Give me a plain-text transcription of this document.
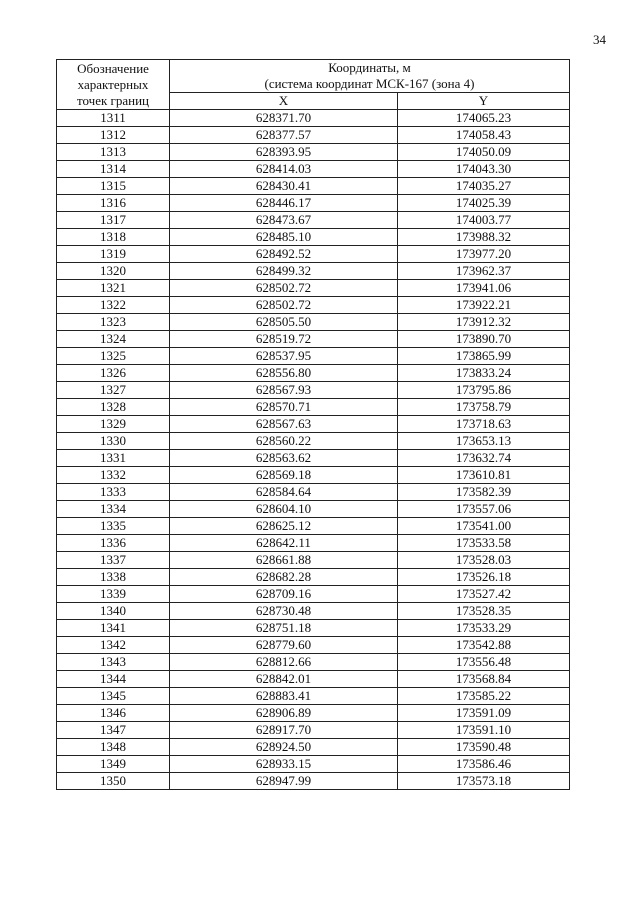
34
Обозначение
характерных
точек границ	Координаты, м
(система координат МСК-167 (зона 4)	

	X	Y
1311	628371.70	174065.23
1312	628377.57	174058.43
1313	628393.95	174050.09
1314	628414.03	174043.30
1315	628430.41	174035.27
1316	628446.17	174025.39
1317	628473.67	174003.77
1318	628485.10	173988.32
1319	628492.52	173977.20
1320	628499.32	173962.37
1321	628502.72	173941.06
1322	628502.72	173922.21
1323	628505.50	173912.32
1324	628519.72	173890.70
1325	628537.95	173865.99
1326	628556.80	173833.24
1327	628567.93	173795.86
1328	628570.71	173758.79
1329	628567.63	173718.63
1330	628560.22	173653.13
1331	628563.62	173632.74
1332	628569.18	173610.81
1333	628584.64	173582.39
1334	628604.10	173557.06
1335	628625.12	173541.00
1336	628642.11	173533.58
1337	628661.88	173528.03
1338	628682.28	173526.18
1339	628709.16	173527.42
1340	628730.48	173528.35
1341	628751.18	173533.29
1342	628779.60	173542.88
1343	628812.66	173556.48
1344	628842.01	173568.84
1345	628883.41	173585.22
1346	628906.89	173591.09
1347	628917.70	173591.10
1348	628924.50	173590.48
1349	628933.15	173586.46
1350	628947.99	173573.18
